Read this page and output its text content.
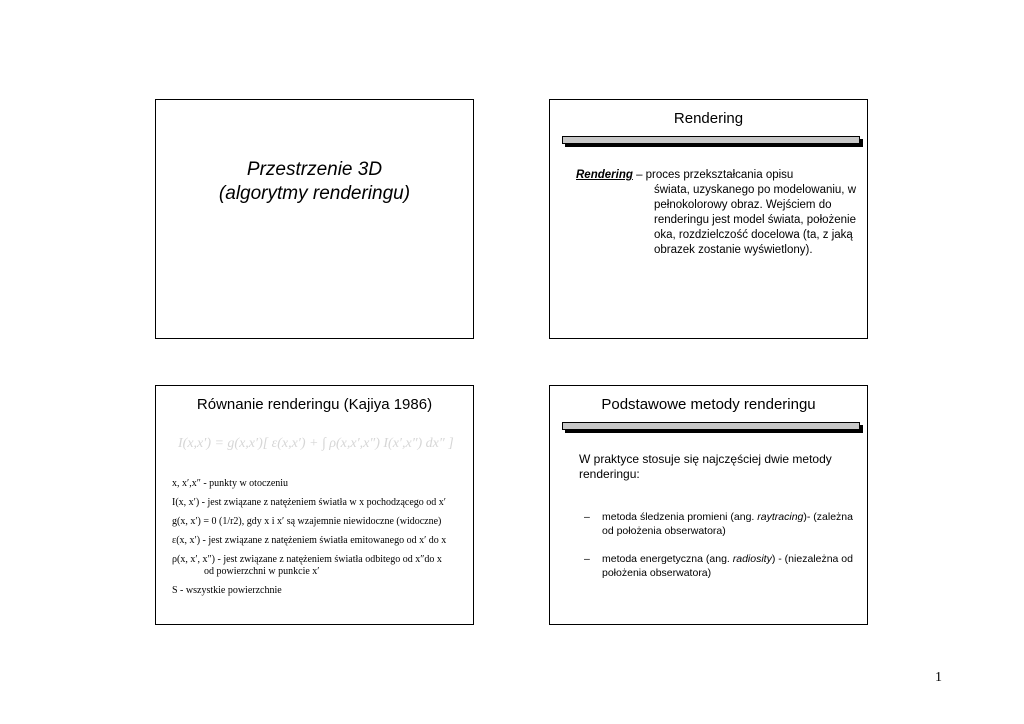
Przestrzenie 3D
(algorytmy renderingu)
Rendering
Rendering – proces przekształcania opisu
świata, uzyskanego po modelowaniu, w pełnokolorowy obraz. Wejściem do renderingu jest model świata, położenie oka, rozdzielczość docelowa (ta, z jaką obrazek zostanie wyświetlony).
Równanie renderingu (Kajiya 1986)
I(x,x′) = g(x,x′)[ ε(x,x′) + ∫ ρ(x,x′,x″) I(x′,x″) dx″ ]

x, x′,x″ - punkty w otoczeniu

I(x, x′) - jest związane z natężeniem światła w x pochodzącego od x′

g(x, x′) = 0 (1/r2), gdy x i x′ są wzajemnie niewidoczne (widoczne)

ε(x, x′) - jest związane z natężeniem światła emitowanego od x′ do x

ρ(x, x′, x″) - jest związane z natężeniem światła odbitego od x″do x

od powierzchni w punkcie x′

S - wszystkie powierzchnie

Podstawowe metody renderingu
W praktyce stosuje się najczęściej dwie metody renderingu:
–	metoda śledzenia promieni (ang. raytracing)- (zależna od położenia obserwatora)
–	metoda energetyczna (ang. radiosity) - (niezależna od położenia obserwatora)
1
